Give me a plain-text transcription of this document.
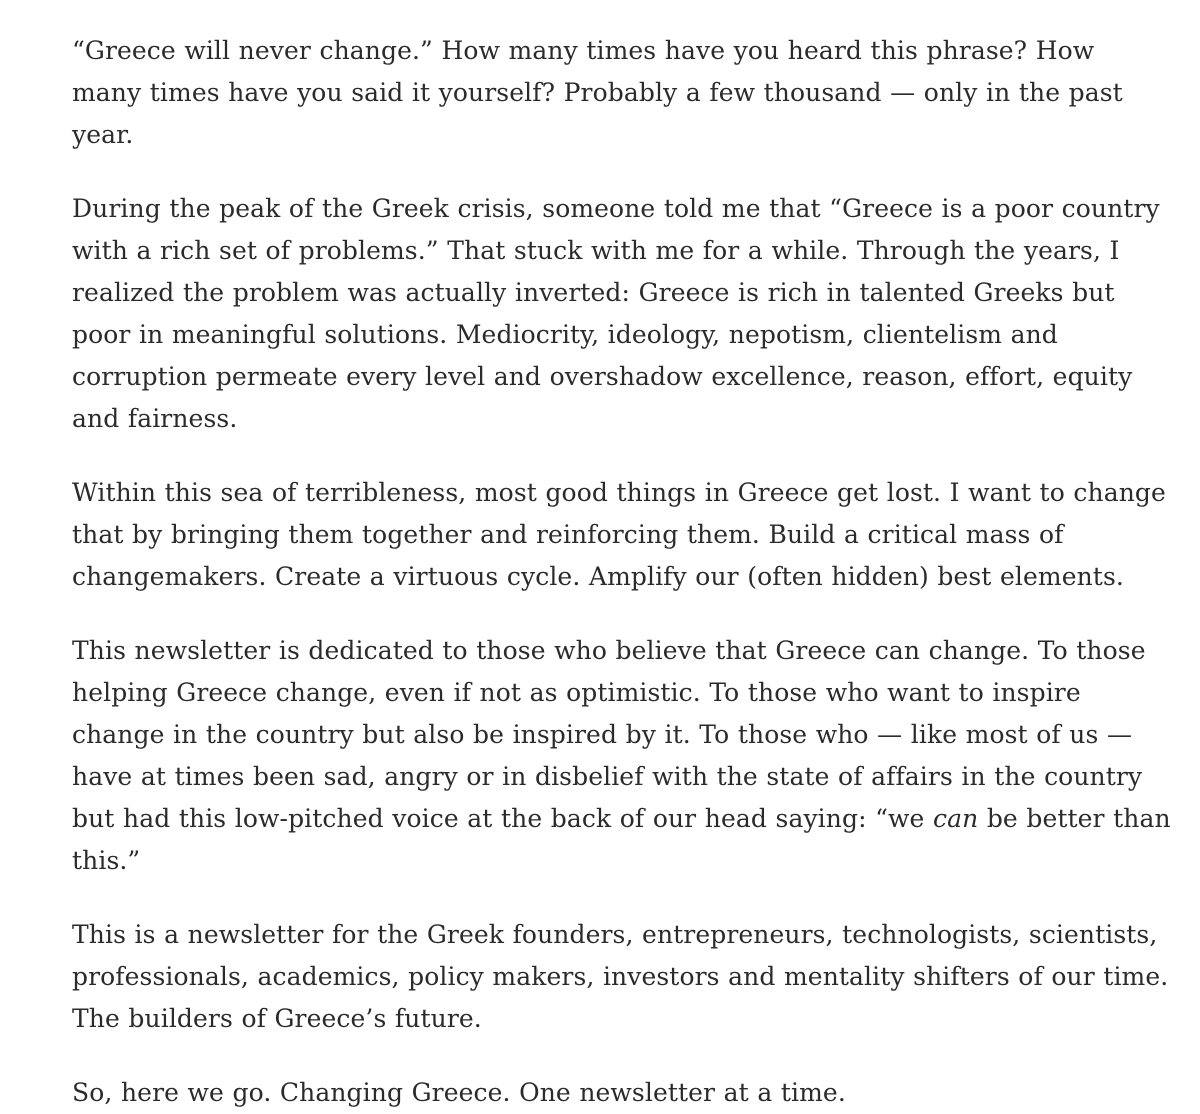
“Greece will never change.” How many times have you heard this phrase? How many times have you said it yourself? Probably a few thousand — only in the past year.

During the peak of the Greek crisis, someone told me that “Greece is a poor country with a rich set of problems.” That stuck with me for a while. Through the years, I realized the problem was actually inverted: Greece is rich in talented Greeks but poor in meaningful solutions. Mediocrity, ideology, nepotism, clientelism and corruption permeate every level and overshadow excellence, reason, effort, equity and fairness.

Within this sea of terribleness, most good things in Greece get lost. I want to change that by bringing them together and reinforcing them. Build a critical mass of changemakers. Create a virtuous cycle. Amplify our (often hidden) best elements.

This newsletter is dedicated to those who believe that Greece can change. To those helping Greece change, even if not as optimistic. To those who want to inspire change in the country but also be inspired by it. To those who — like most of us — have at times been sad, angry or in disbelief with the state of affairs in the country but had this low-pitched voice at the back of our head saying: “we can be better than this.”

This is a newsletter for the Greek founders, entrepreneurs, technologists, scientists, professionals, academics, policy makers, investors and mentality shifters of our time. The builders of Greece’s future.

So, here we go. Changing Greece. One newsletter at a time.
